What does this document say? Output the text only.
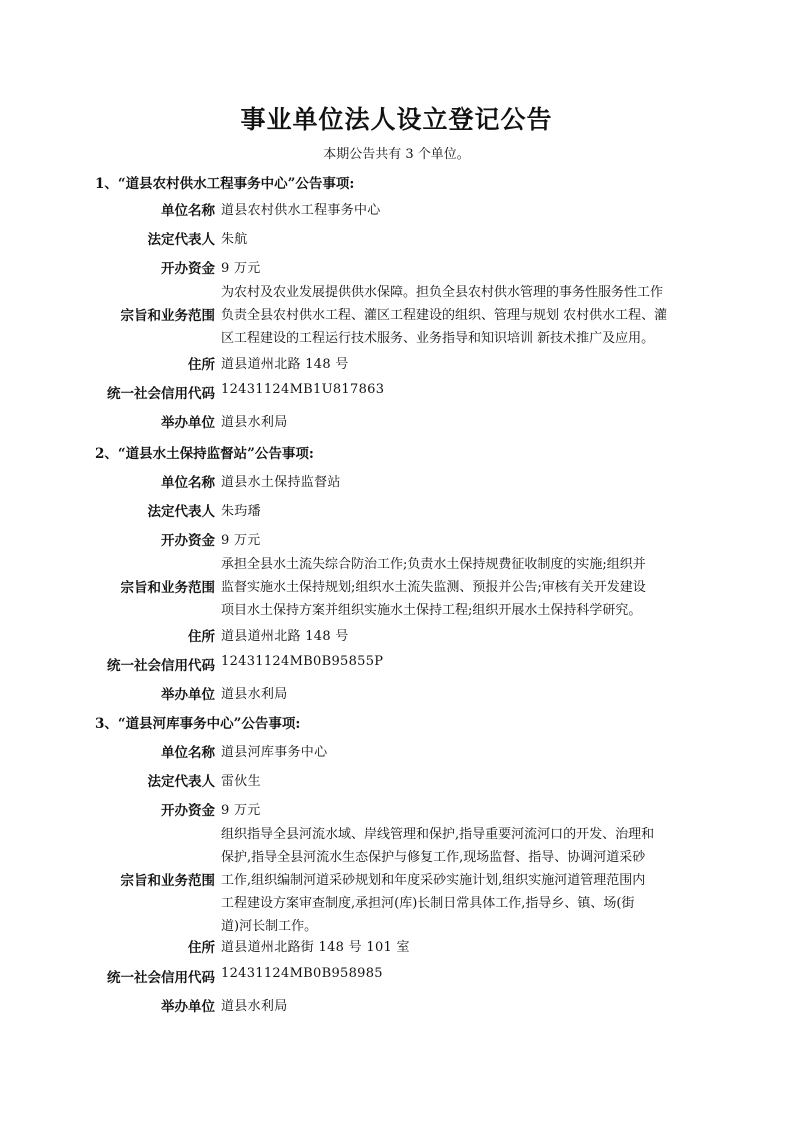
事业单位法人设立登记公告
本期公告共有 3 个单位。
1、“道县农村供水工程事务中心”公告事项:
单位名称 道县农村供水工程事务中心
法定代表人 朱航
开办资金 9 万元
宗旨和业务范围
为农村及农业发展提供供水保障。担负全县农村供水管理的事务性服务性工作
负责全县农村供水工程、灌区工程建设的组织、管理与规划 农村供水工程、灌
区工程建设的工程运行技术服务、业务指导和知识培训 新技术推广及应用。
住所 道县道州北路 148 号
统一社会信用代码 12431124MB1U817863
举办单位 道县水利局
2、“道县水土保持监督站”公告事项:
单位名称 道县水土保持监督站
法定代表人 朱玙璠
开办资金 9 万元
宗旨和业务范围
承担全县水土流失综合防治工作;负责水土保持规费征收制度的实施;组织并
监督实施水土保持规划;组织水土流失监测、预报并公告;审核有关开发建设
项目水土保持方案并组织实施水土保持工程;组织开展水土保持科学研究。
住所 道县道州北路 148 号
统一社会信用代码 12431124MB0B95855P
举办单位 道县水利局
3、“道县河库事务中心”公告事项:
单位名称 道县河库事务中心
法定代表人 雷伙生
开办资金 9 万元
宗旨和业务范围
组织指导全县河流水域、岸线管理和保护,指导重要河流河口的开发、治理和
保护,指导全县河流水生态保护与修复工作,现场监督、指导、协调河道采砂
工作,组织编制河道采砂规划和年度采砂实施计划,组织实施河道管理范围内
工程建设方案审查制度,承担河(库)长制日常具体工作,指导乡、镇、场(街
道)河长制工作。
住所 道县道州北路街 148 号 101 室
统一社会信用代码 12431124MB0B958985
举办单位 道县水利局
